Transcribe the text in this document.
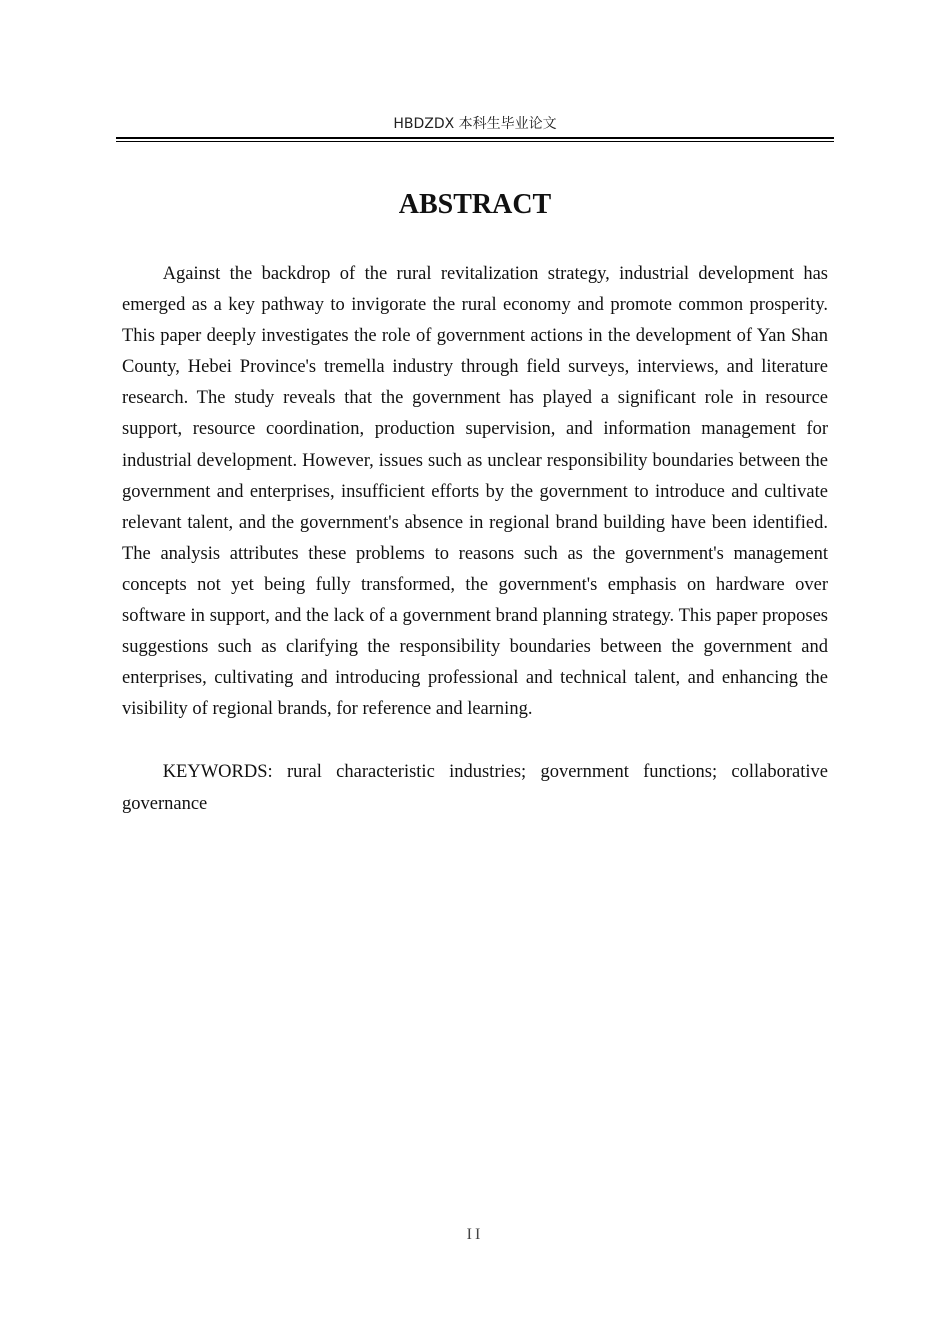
HBDZDX 本科生毕业论文
ABSTRACT

Against the backdrop of the rural revitalization strategy, industrial development has emerged as a key pathway to invigorate the rural economy and promote common prosperity. This paper deeply investigates the role of government actions in the development of Yan Shan County, Hebei Province's tremella industry through field surveys, interviews, and literature research. The study reveals that the government has played a significant role in resource support, resource coordination, production supervision, and information management for industrial development. However, issues such as unclear responsibility boundaries between the government and enterprises, insufficient efforts by the government to introduce and cultivate relevant talent, and the government's absence in regional brand building have been identified. The analysis attributes these problems to reasons such as the government's management concepts not yet being fully transformed, the government's emphasis on hardware over software in support, and the lack of a government brand planning strategy. This paper proposes suggestions such as clarifying the responsibility boundaries between the government and enterprises, cultivating and introducing professional and technical talent, and enhancing the visibility of regional brands, for reference and learning.

KEYWORDS: rural characteristic industries; government functions; collaborative governance

II
